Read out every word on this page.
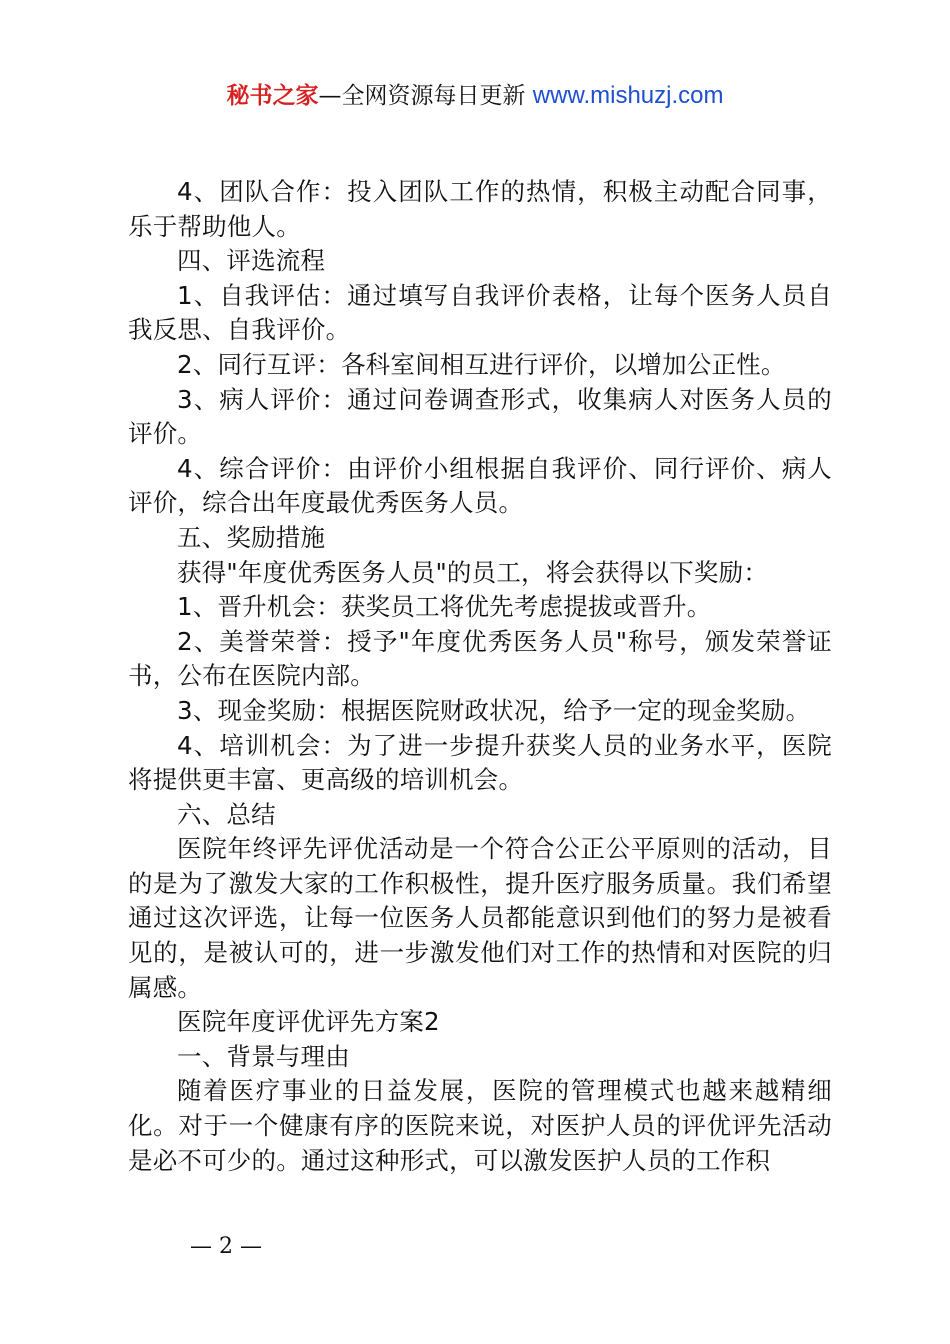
秘书之家—全网资源每日更新 www.mishuzj.com

4、团队合作：投入团队工作的热情，积极主动配合同事，乐于帮助他人。

四、评选流程

1、自我评估：通过填写自我评价表格，让每个医务人员自我反思、自我评价。

2、同行互评：各科室间相互进行评价，以增加公正性。

3、病人评价：通过问卷调查形式，收集病人对医务人员的评价。

4、综合评价：由评价小组根据自我评价、同行评价、病人评价，综合出年度最优秀医务人员。

五、奖励措施

获得"年度优秀医务人员"的员工，将会获得以下奖励：

1、晋升机会：获奖员工将优先考虑提拔或晋升。

2、美誉荣誉：授予"年度优秀医务人员"称号，颁发荣誉证书，公布在医院内部。

3、现金奖励：根据医院财政状况，给予一定的现金奖励。

4、培训机会：为了进一步提升获奖人员的业务水平，医院将提供更丰富、更高级的培训机会。

六、总结

医院年终评先评优活动是一个符合公正公平原则的活动，目的是为了激发大家的工作积极性，提升医疗服务质量。我们希望通过这次评选，让每一位医务人员都能意识到他们的努力是被看见的，是被认可的，进一步激发他们对工作的热情和对医院的归属感。

医院年度评优评先方案2

一、背景与理由

随着医疗事业的日益发展，医院的管理模式也越来越精细化。对于一个健康有序的医院来说，对医护人员的评优评先活动是必不可少的。通过这种形式，可以激发医护人员的工作积

— 2 —
